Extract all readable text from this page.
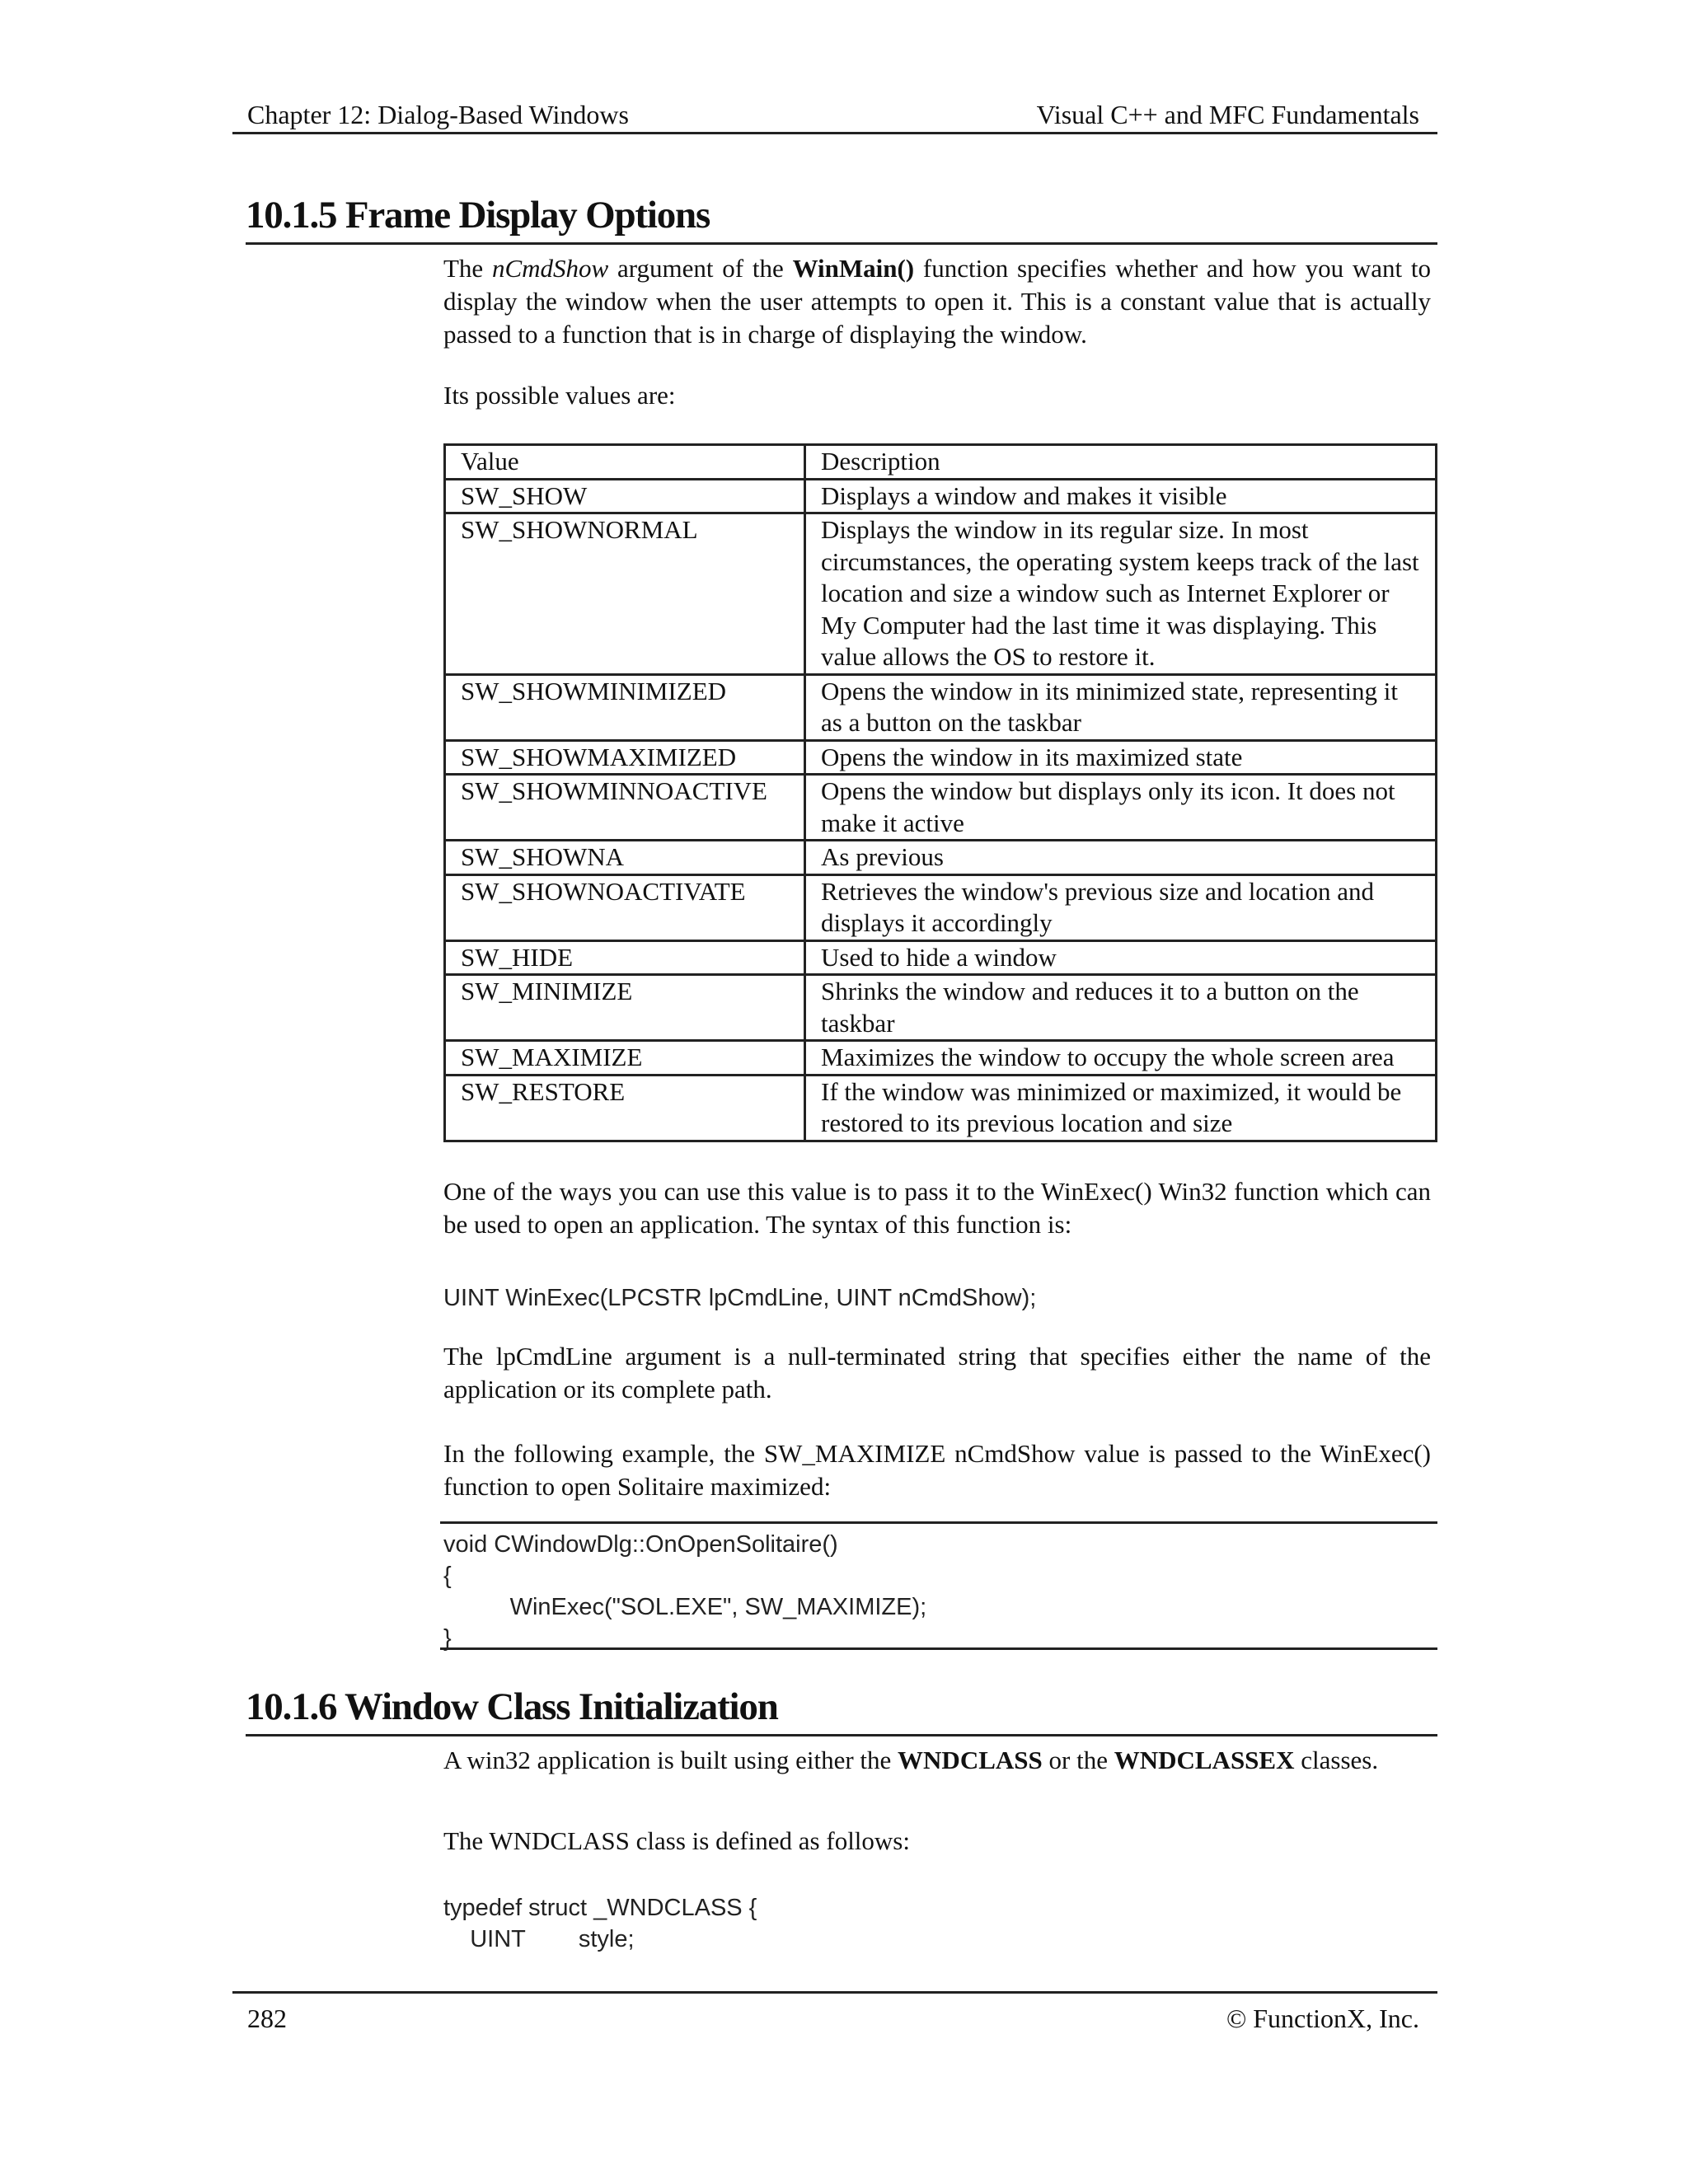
Chapter 12: Dialog-Based Windows	Visual C++ and MFC Fundamentals
10.1.5 Frame Display Options
The nCmdShow argument of the WinMain() function specifies whether and how you want to display the window when the user attempts to open it. This is a constant value that is actually passed to a function that is in charge of displaying the window.
Its possible values are:
Value	Description
SW_SHOW	Displays a window and makes it visible
SW_SHOWNORMAL	Displays the window in its regular size. In most circumstances, the operating system keeps track of the last location and size a window such as Internet Explorer or My Computer had the last time it was displaying. This value allows the OS to restore it.
SW_SHOWMINIMIZED	Opens the window in its minimized state, representing it as a button on the taskbar
SW_SHOWMAXIMIZED	Opens the window in its maximized state
SW_SHOWMINNOACTIVE	Opens the window but displays only its icon. It does not make it active
SW_SHOWNA	As previous
SW_SHOWNOACTIVATE	Retrieves the window's previous size and location and displays it accordingly
SW_HIDE	Used to hide a window
SW_MINIMIZE	Shrinks the window and reduces it to a button on the taskbar
SW_MAXIMIZE	Maximizes the window to occupy the whole screen area
SW_RESTORE	If the window was minimized or maximized, it would be restored to its previous location and size
One of the ways you can use this value is to pass it to the WinExec() Win32 function which can be used to open an application. The syntax of this function is:
UINT WinExec(LPCSTR lpCmdLine, UINT nCmdShow);
The lpCmdLine argument is a null-terminated string that specifies either the name of the application or its complete path.
In the following example, the SW_MAXIMIZE nCmdShow value is passed to the WinExec() function to open Solitaire maximized:
void CWindowDlg::OnOpenSolitaire()
{
WinExec("SOL.EXE", SW_MAXIMIZE);
}
10.1.6 Window Class Initialization
A win32 application is built using either the WNDCLASS or the WNDCLASSEX classes.
The WNDCLASS class is defined as follows:
typedef struct _WNDCLASS {
UINT        style;
282	© FunctionX, Inc.
